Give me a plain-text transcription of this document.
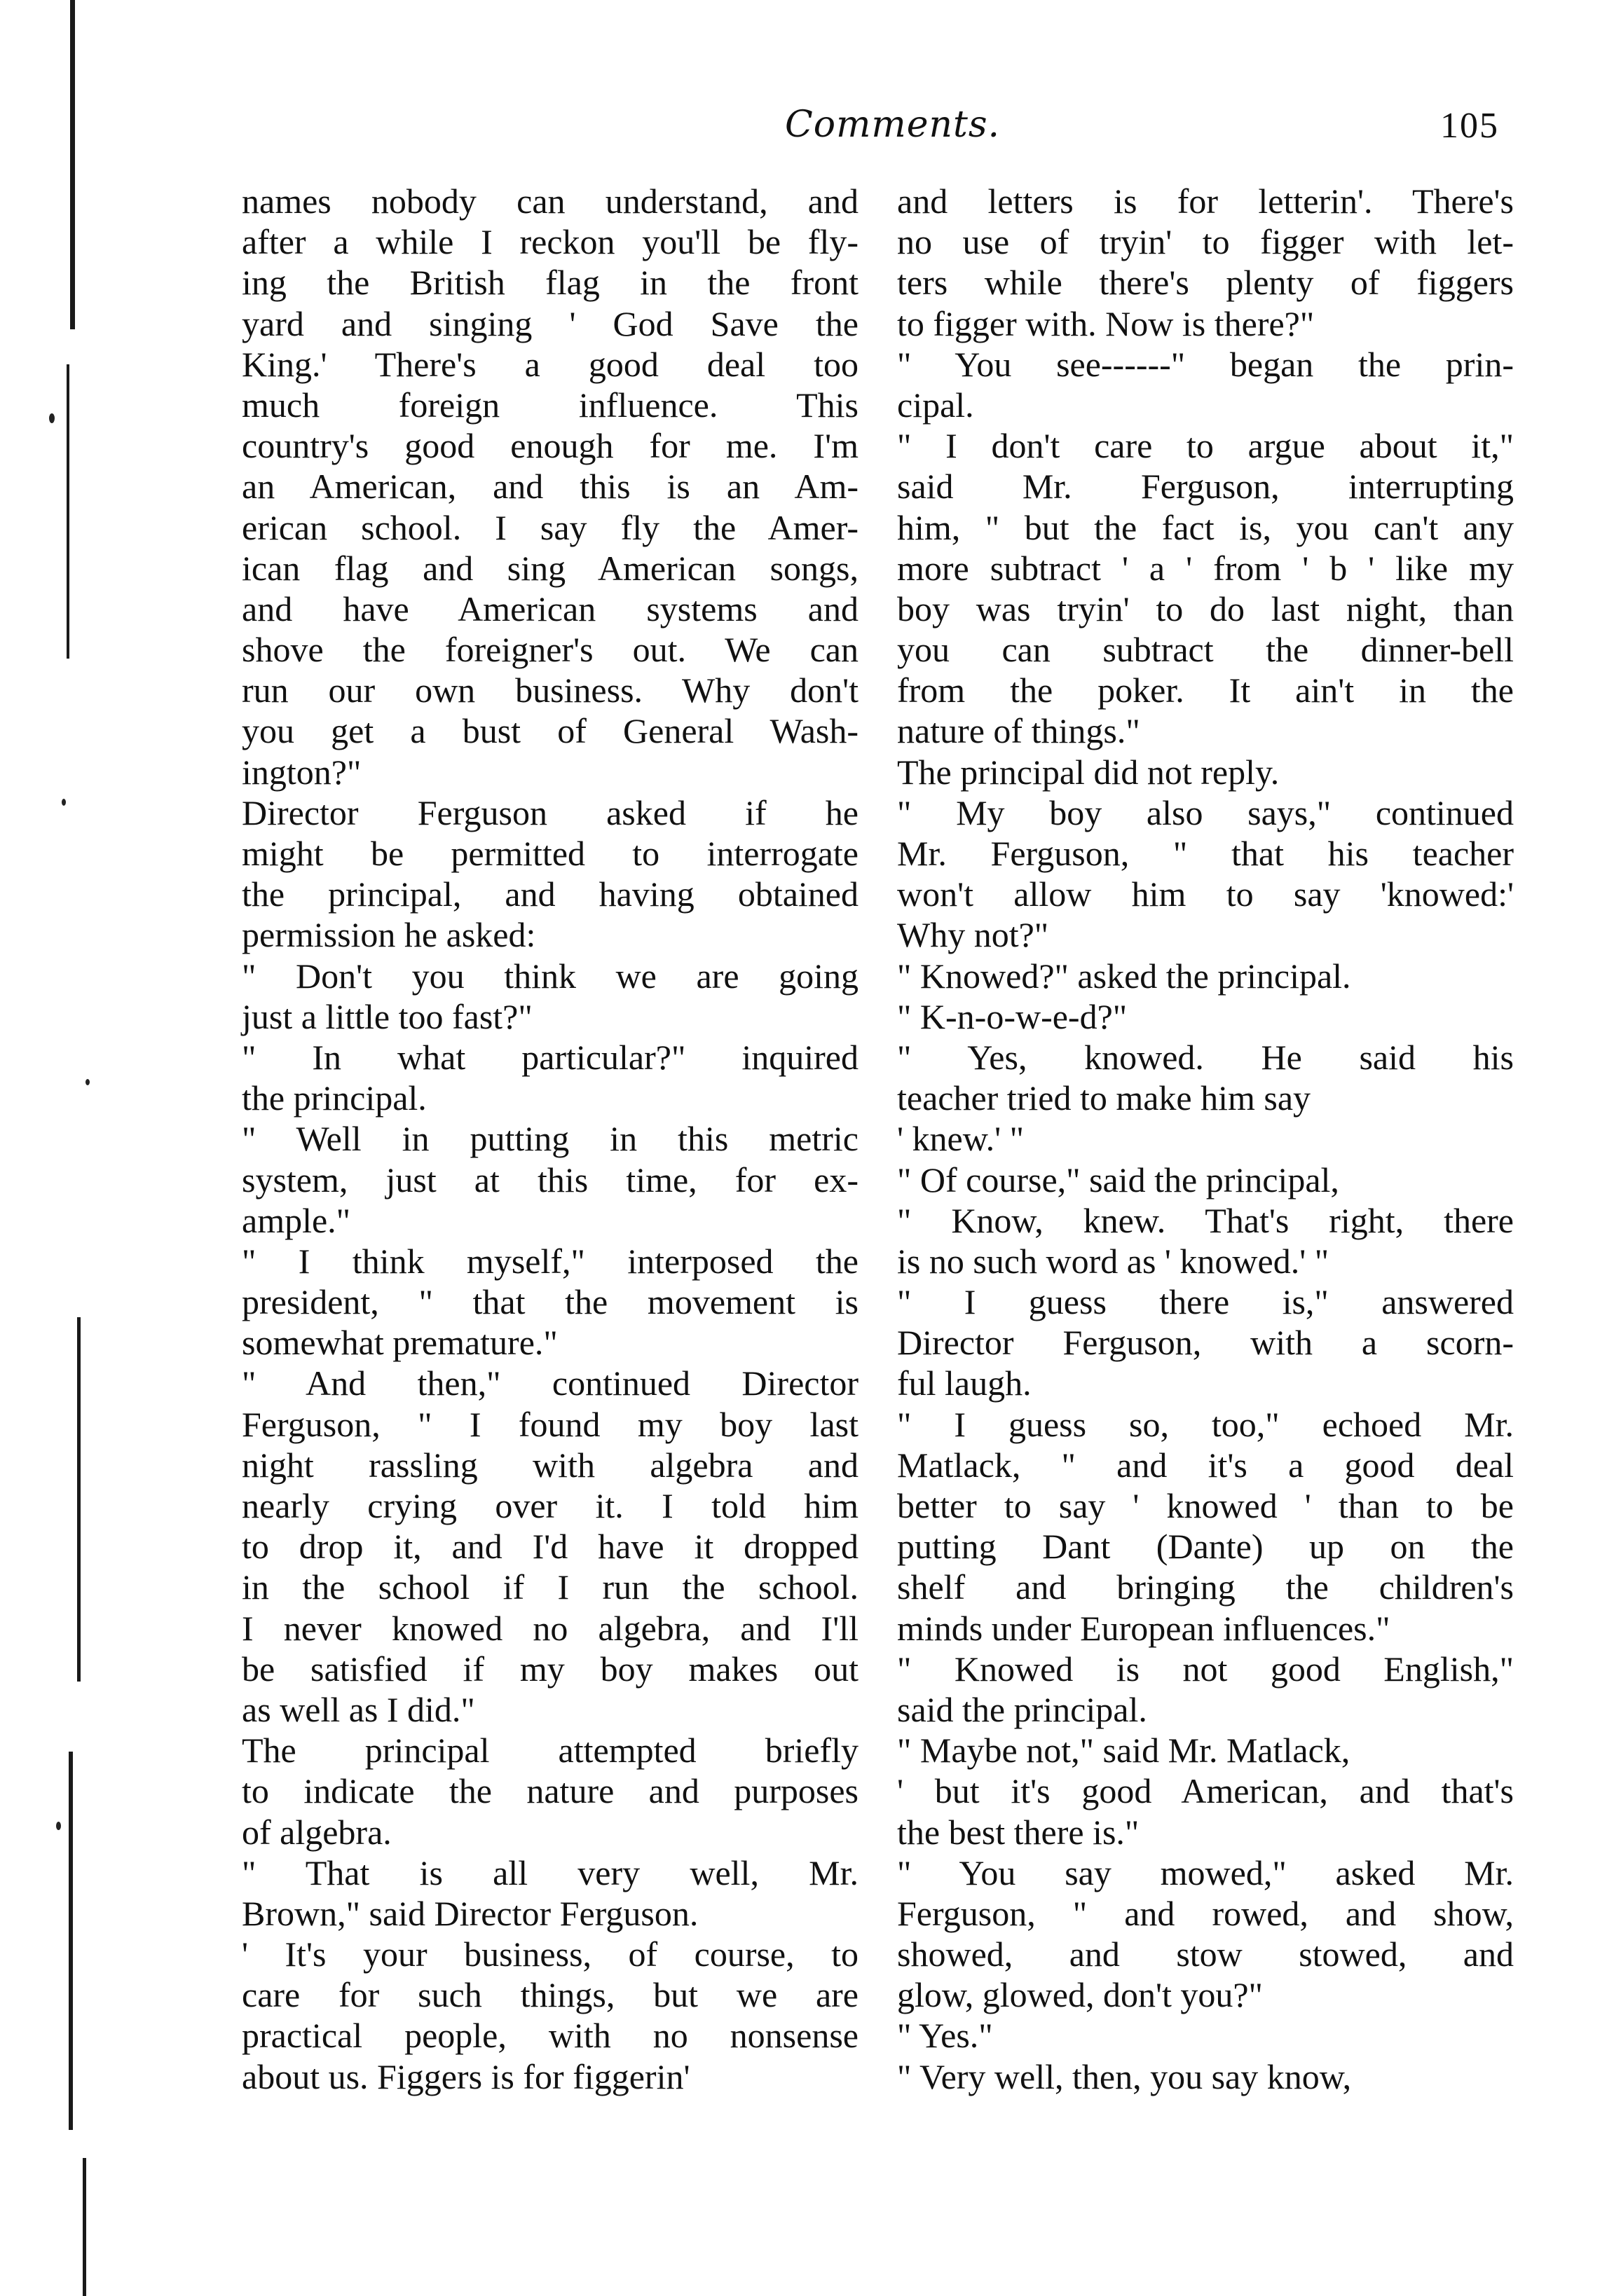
Comments.	105
names nobody can understand, and
after a while I reckon you'll be fly-
ing the British flag in the front
yard and singing ' God Save the
King.' There's a good deal too
much foreign influence. This
country's good enough for me. I'm
an American, and this is an Am-
erican school. I say fly the Amer-
ican flag and sing American songs,
and have American systems and
shove the foreigner's out. We can
run our own business. Why don't
you get a bust of General Wash-
ington?"
Director Ferguson asked if he
might be permitted to interrogate
the principal, and having obtained
permission he asked:
" Don't you think we are going
just a little too fast?"
" In what particular?" inquired
the principal.
" Well in putting in this metric
system, just at this time, for ex-
ample."
" I think myself," interposed the
president, " that the movement is
somewhat premature."
" And then," continued Director
Ferguson, " I found my boy last
night rassling with algebra and
nearly crying over it. I told him
to drop it, and I'd have it dropped
in the school if I run the school.
I never knowed no algebra, and I'll
be satisfied if my boy makes out
as well as I did."
The principal attempted briefly
to indicate the nature and purposes
of algebra.
" That is all very well, Mr.
Brown," said Director Ferguson.
' It's your business, of course, to
care for such things, but we are
practical people, with no nonsense
about us. Figgers is for figgerin'
and letters is for letterin'. There's
no use of tryin' to figger with let-
ters while there's plenty of figgers
to figger with. Now is there?"
" You see------" began the prin-
cipal.
" I don't care to argue about it,"
said Mr. Ferguson, interrupting
him, " but the fact is, you can't any
more subtract ' a ' from ' b ' like my
boy was tryin' to do last night, than
you can subtract the dinner-bell
from the poker. It ain't in the
nature of things."
The principal did not reply.
" My boy also says," continued
Mr. Ferguson, " that his teacher
won't allow him to say 'knowed:'
Why not?"
" Knowed?" asked the principal.
" K-n-o-w-e-d?"
" Yes, knowed. He said his
teacher tried to make him say
' knew.' "
" Of course," said the principal,
" Know, knew. That's right, there
is no such word as ' knowed.' "
" I guess there is," answered
Director Ferguson, with a scorn-
ful laugh.
" I guess so, too," echoed Mr.
Matlack, " and it's a good deal
better to say ' knowed ' than to be
putting Dant (Dante) up on the
shelf and bringing the children's
minds under European influences."
" Knowed is not good English,"
said the principal.
" Maybe not," said Mr. Matlack,
' but it's good American, and that's
the best there is."
" You say mowed," asked Mr.
Ferguson, " and rowed, and show,
showed, and stow stowed, and
glow, glowed, don't you?"
" Yes."
" Very well, then, you say know,
